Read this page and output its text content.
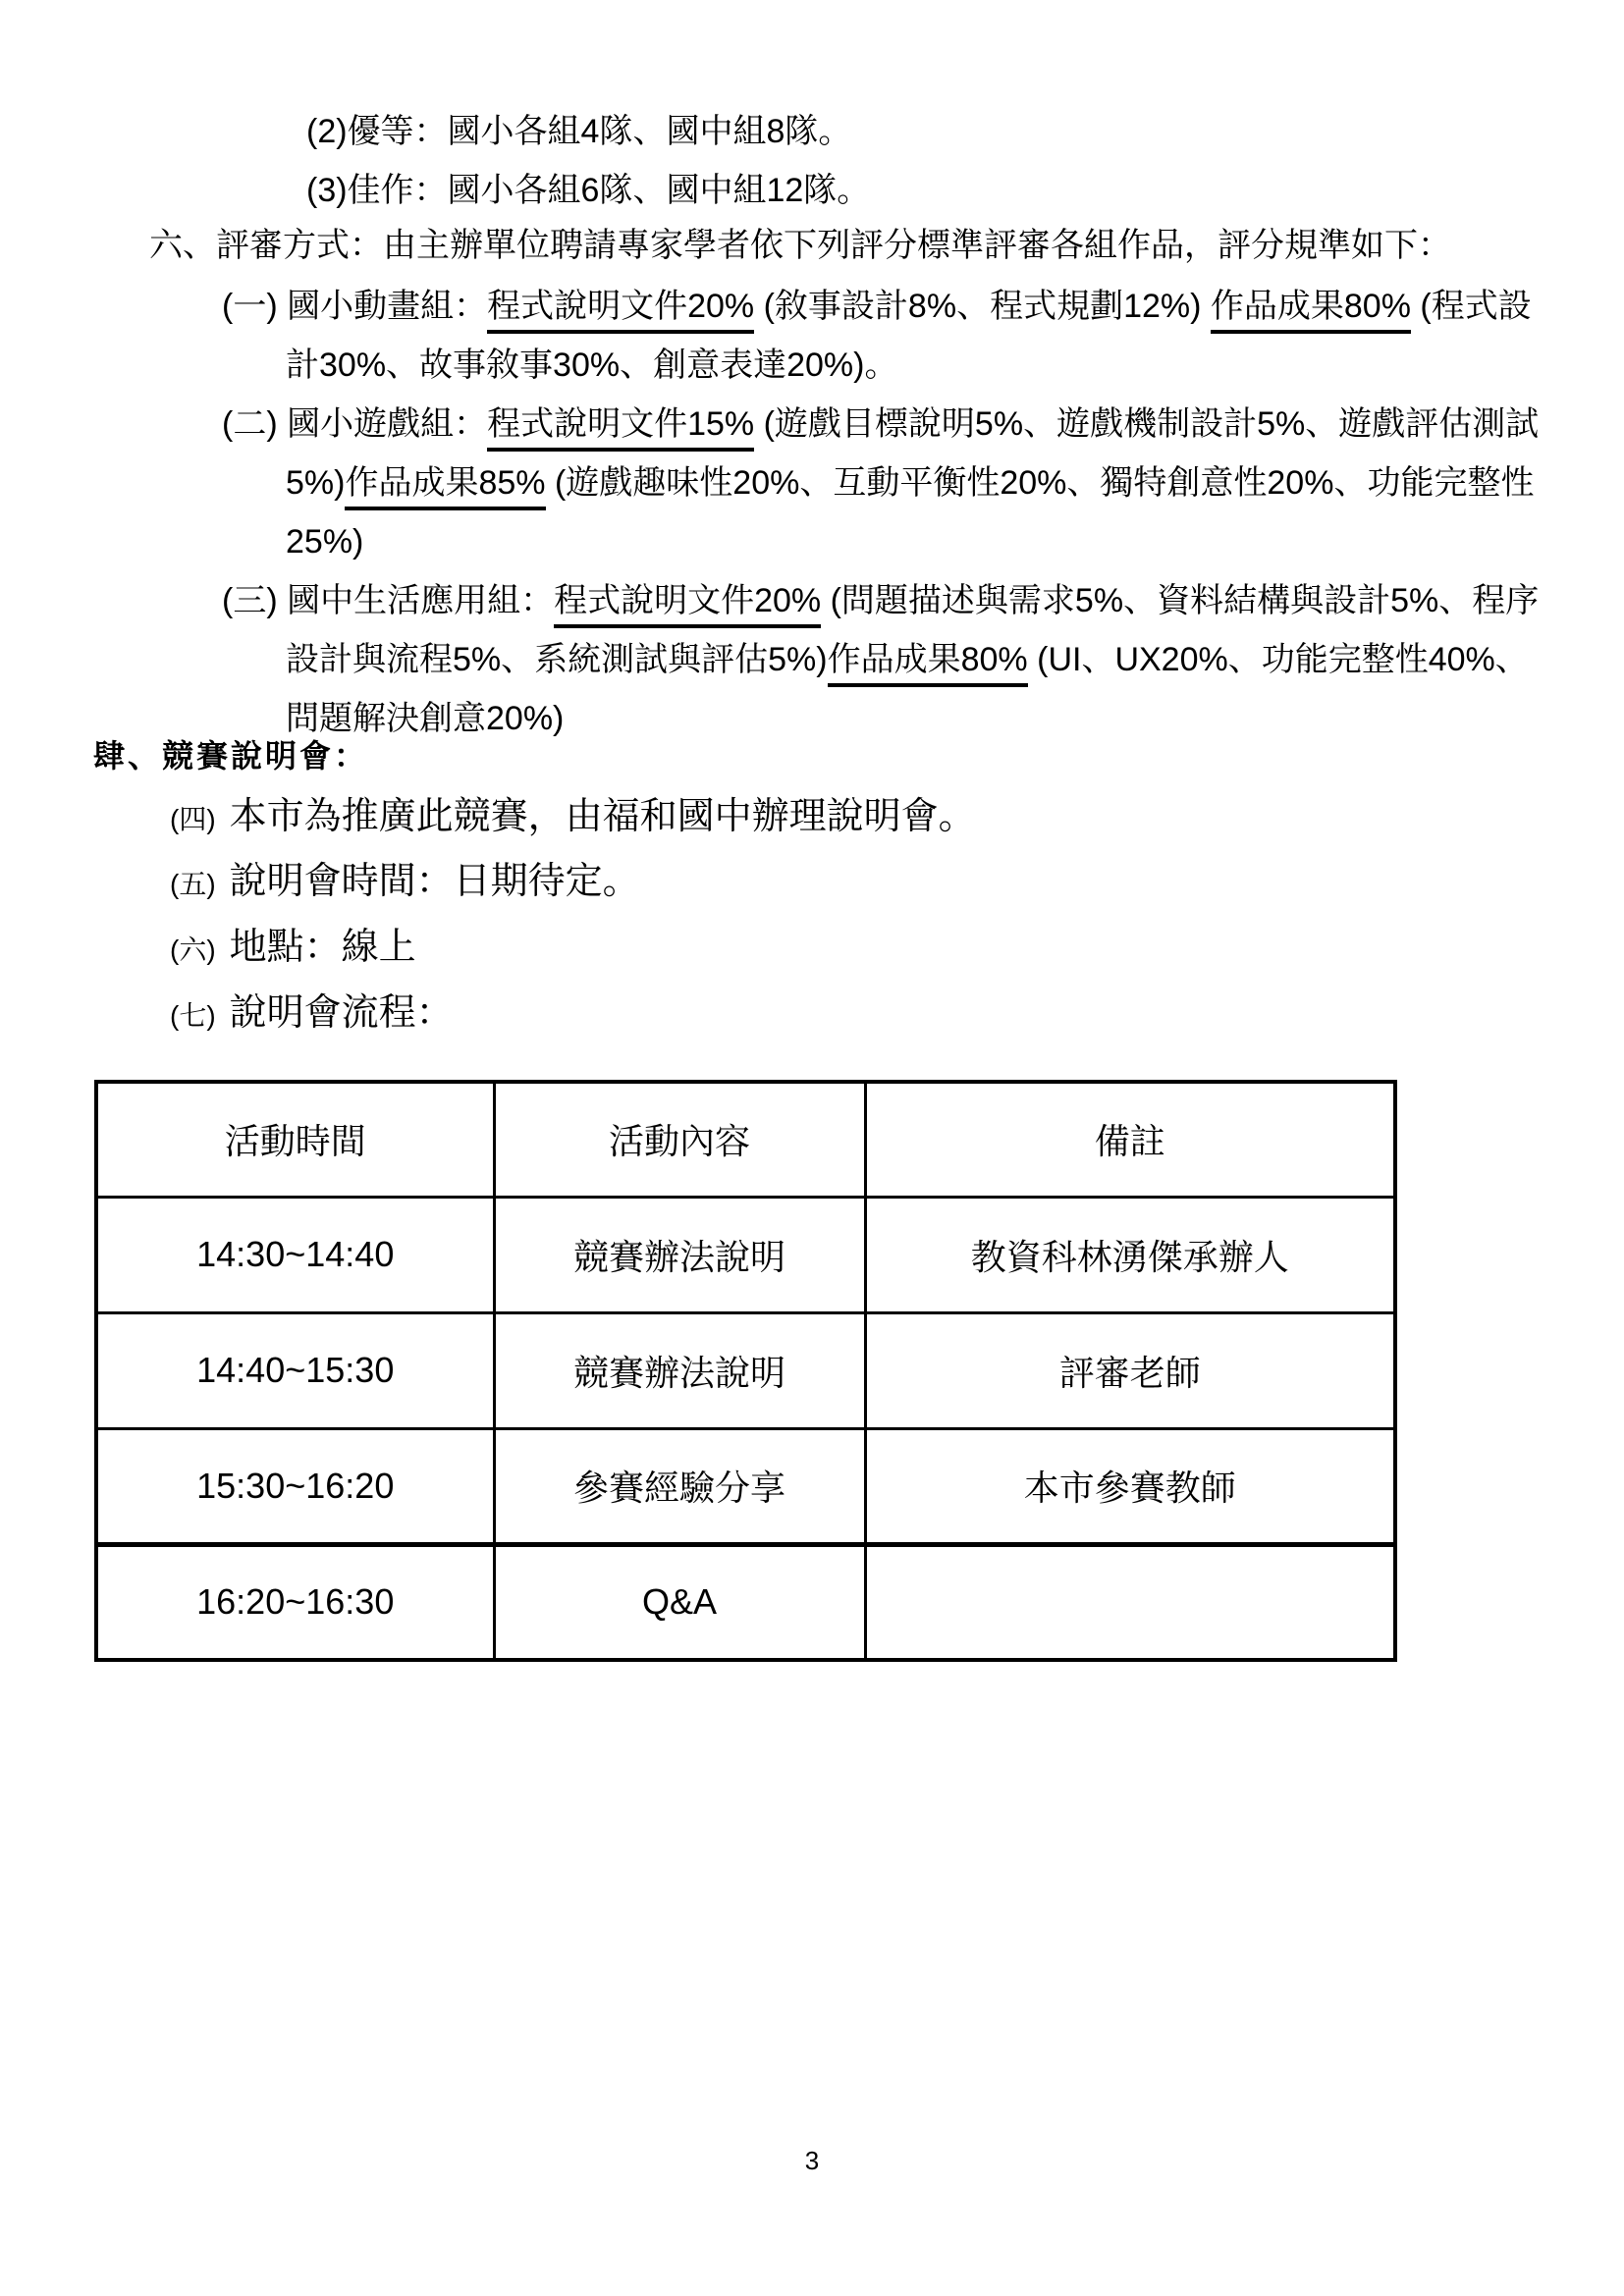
(2)優等：國小各組4隊、國中組8隊。
(3)佳作：國小各組6隊、國中組12隊。
六、評審方式：由主辦單位聘請專家學者依下列評分標準評審各組作品，評分規準如下：
(一) 國小動畫組：程式說明文件20% (敘事設計8%、程式規劃12%) 作品成果80% (程式設
計30%、故事敘事30%、創意表達20%)。
(二) 國小遊戲組：程式說明文件15% (遊戲目標說明5%、遊戲機制設計5%、遊戲評估測試
5%)作品成果85% (遊戲趣味性20%、互動平衡性20%、獨特創意性20%、功能完整性
25%)
(三) 國中生活應用組：程式說明文件20% (問題描述與需求5%、資料結構與設計5%、程序
設計與流程5%、系統測試與評估5%)作品成果80% (UI、UX20%、功能完整性40%、
問題解決創意20%)
肆、競賽說明會：
(四) 本市為推廣此競賽，由福和國中辦理說明會。
(五) 說明會時間：日期待定。
(六) 地點：線上
(七) 說明會流程：
活動時間	活動內容	備註
14:30~14:40	競賽辦法說明	教資科林湧傑承辦人
14:40~15:30	競賽辦法說明	評審老師
15:30~16:20	參賽經驗分享	本市參賽教師
16:20~16:30	Q&A	
3
